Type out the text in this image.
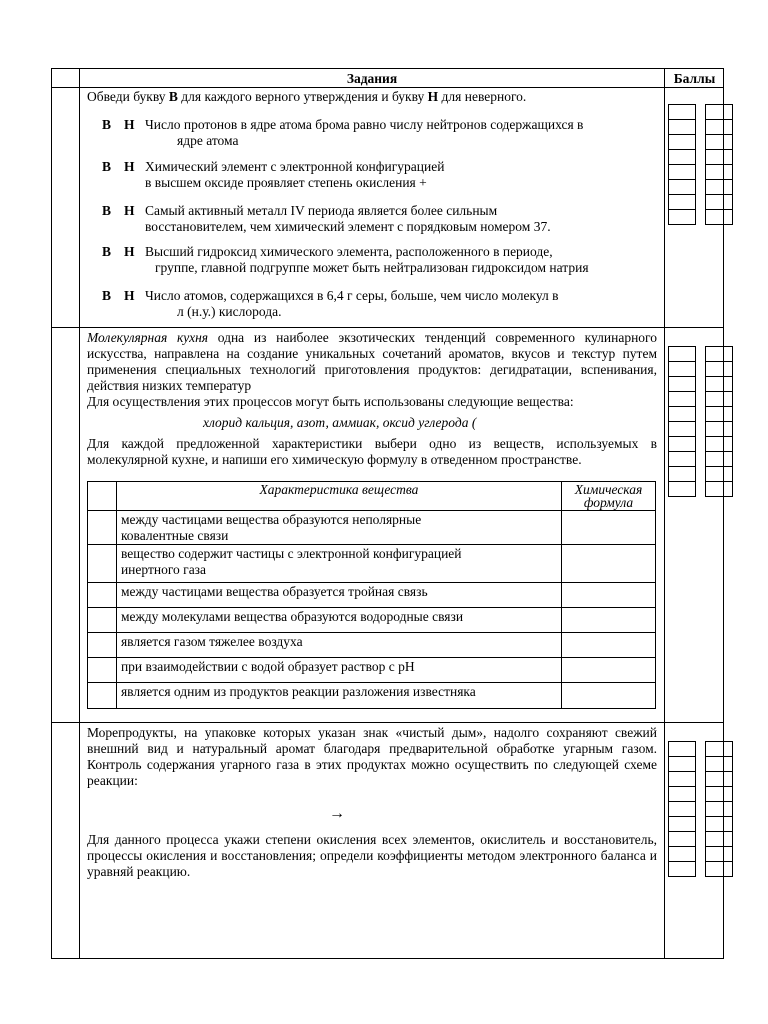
Задания	Баллы
Обведи букву В для каждого верного утверждения и букву Н для неверного.
В Н Число протонов в ядре атома брома равно числу нейтронов содержащихся в
ядре атома
В Н Химический элемент с электронной конфигурацией
в высшем оксиде проявляет степень окисления +
В Н Самый активный металл IV периода является более сильным
восстановителем, чем химический элемент с порядковым номером 37.
В Н Высший гидроксид химического элемента, расположенного в периоде,
группе, главной подгруппе может быть нейтрализован гидроксидом натрия
В Н Число атомов, содержащихся в 6,4 г серы, больше, чем число молекул в
л (н.у.) кислорода.
Молекулярная кухня одна из наиболее экзотических тенденций современного кулинарного искусства, направлена на создание уникальных сочетаний ароматов, вкусов и текстур путем применения специальных технологий приготовления продуктов: дегидратации, вспенивания, действия низких температур
Для осуществления этих процессов могут быть использованы следующие вещества:
хлорид кальция, азот, аммиак, оксид углерода (
Для каждой предложенной характеристики выбери одно из веществ, используемых в молекулярной кухне, и напиши его химическую формулу в отведенном пространстве.
	Характеристика вещества	Химическая
формула
	между частицами вещества образуются неполярные
ковалентные связи	
	вещество содержит частицы с электронной конфигурацией
инертного газа	
	между частицами вещества образуется тройная связь	
	между молекулами вещества образуются водородные связи	
	является газом тяжелее воздуха	
	при взаимодействии с водой образует раствор с pH	
	является одним из продуктов реакции разложения известняка	
Морепродукты, на упаковке которых указан знак «чистый дым», надолго сохраняют свежий внешний вид и натуральный аромат благодаря предварительной обработке угарным газом. Контроль содержания угарного газа в этих продуктах можно осуществить по следующей схеме реакции:
→
Для данного процесса укажи степени окисления всех элементов, окислитель и восстановитель, процессы окисления и восстановления; определи коэффициенты методом электронного баланса и уравняй реакцию.
